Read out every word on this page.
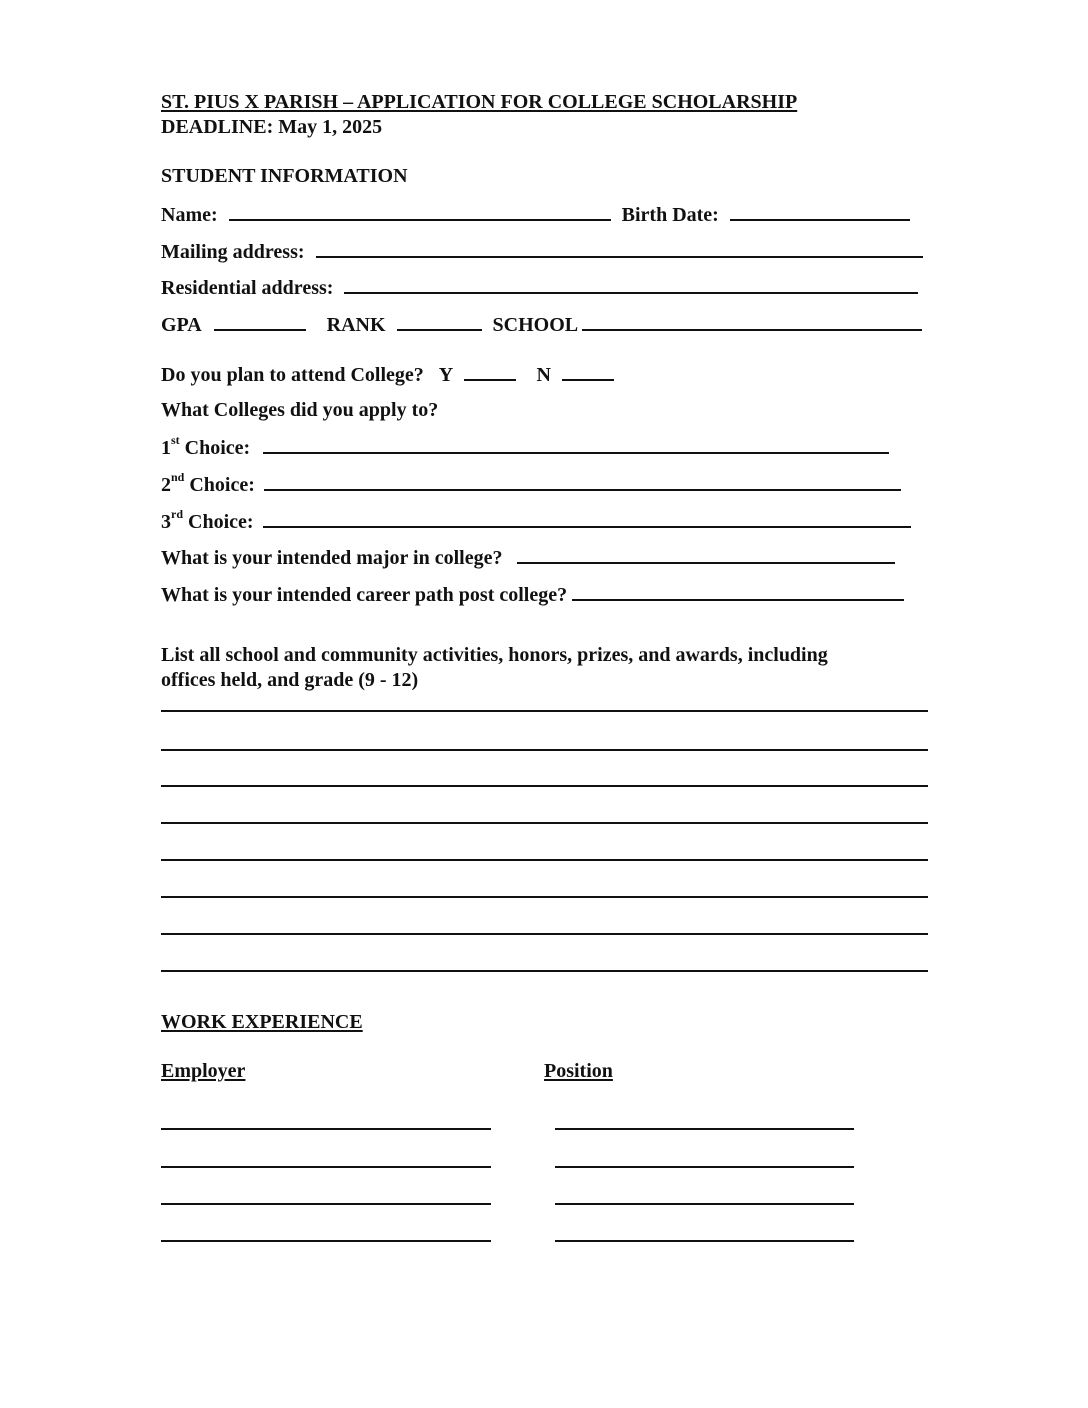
ST. PIUS X PARISH – APPLICATION FOR COLLEGE SCHOLARSHIP
DEADLINE: May 1, 2025
STUDENT INFORMATION
Name:	Birth Date:
Mailing address:
Residential address:
GPA	RANK	SCHOOL
Do you plan to attend College? Y	N
What Colleges did you apply to?
1st Choice:
2nd Choice:
3rd Choice:
What is your intended major in college?
What is your intended career path post college?
List all school and community activities, honors, prizes, and awards, including
offices held, and grade (9 - 12)
WORK EXPERIENCE
Employer	Position
